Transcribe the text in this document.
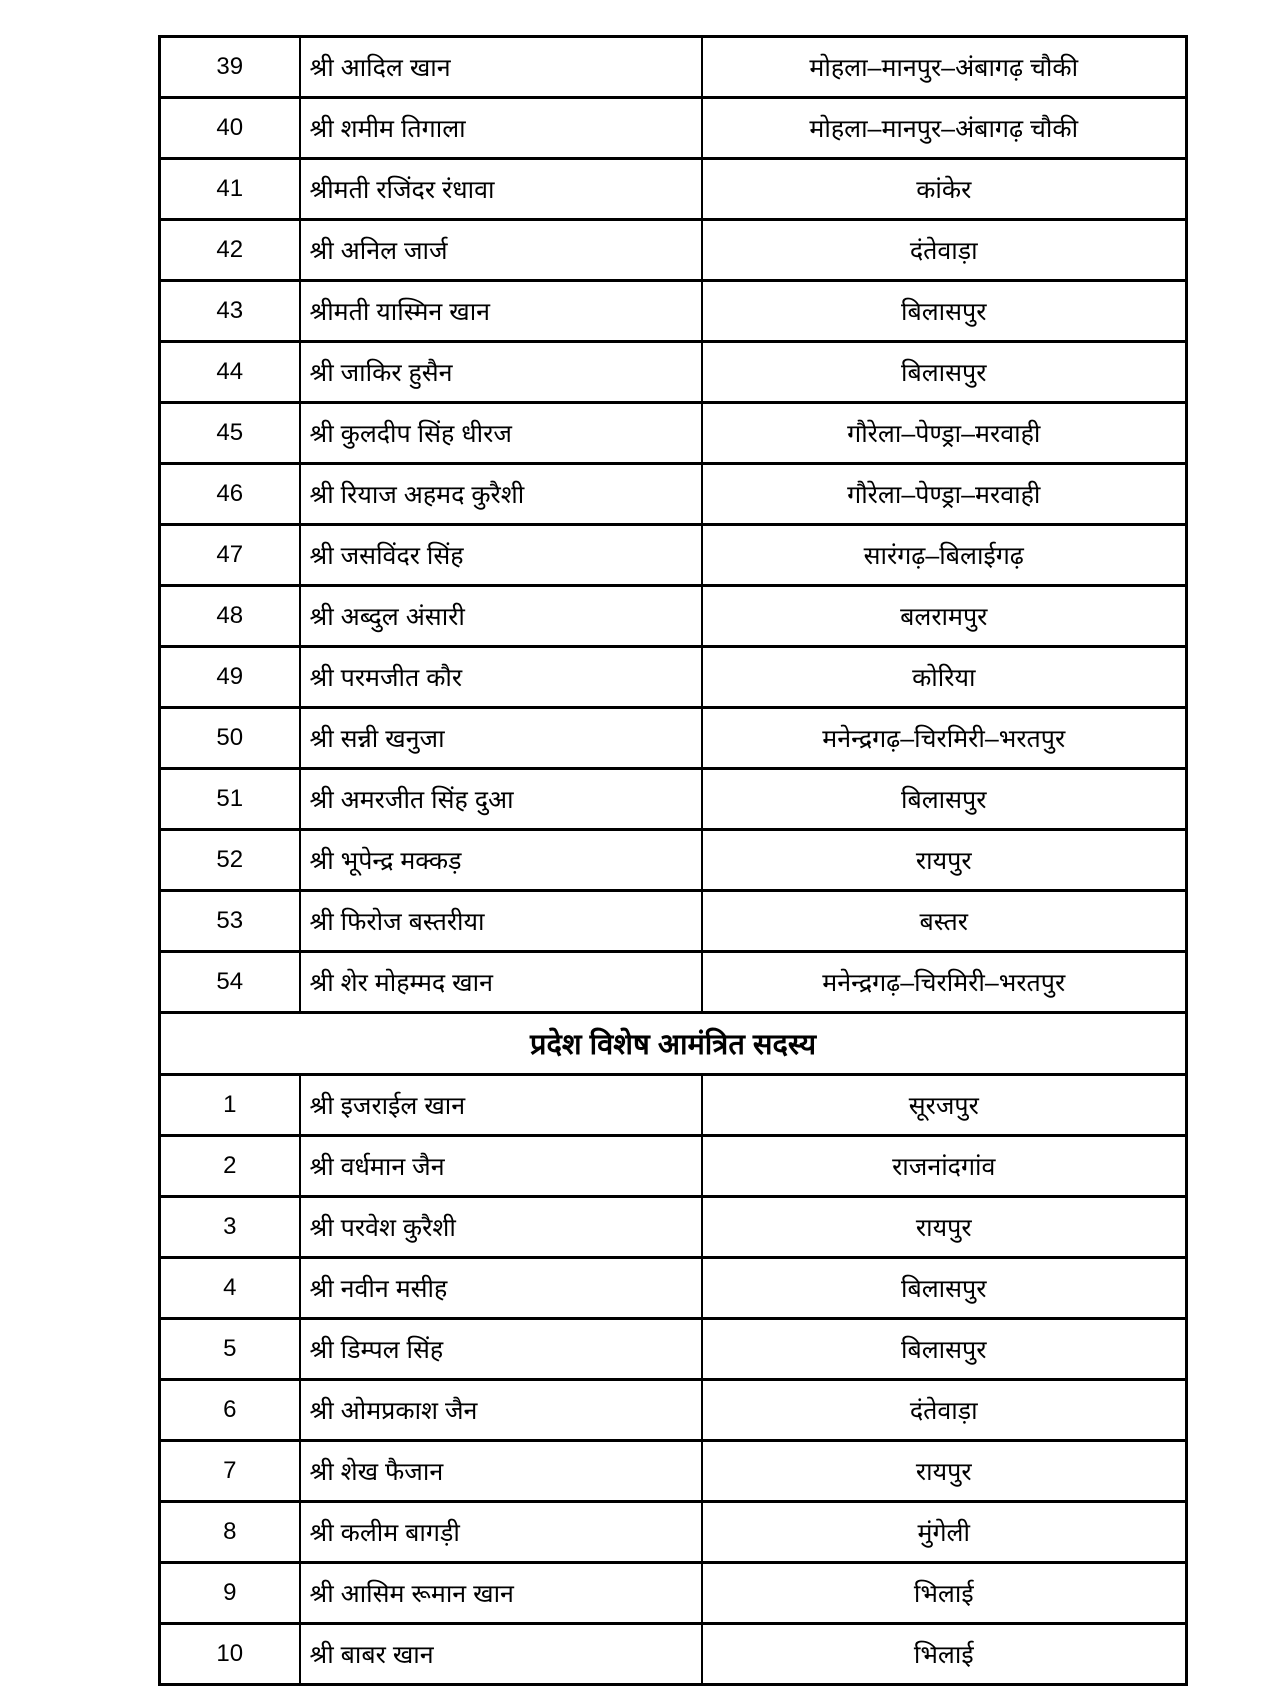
39	श्री आदिल खान	मोहला–मानपुर–अंबागढ़ चौकी
40	श्री शमीम तिगाला	मोहला–मानपुर–अंबागढ़ चौकी
41	श्रीमती रजिंदर रंधावा	कांकेर
42	श्री अनिल जार्ज	दंतेवाड़ा
43	श्रीमती यास्मिन खान	बिलासपुर
44	श्री जाकिर हुसैन	बिलासपुर
45	श्री कुलदीप सिंह धीरज	गौरेला–पेण्ड्रा–मरवाही
46	श्री रियाज अहमद कुरैशी	गौरेला–पेण्ड्रा–मरवाही
47	श्री जसविंदर सिंह	सारंगढ़–बिलाईगढ़
48	श्री अब्दुल अंसारी	बलरामपुर
49	श्री परमजीत कौर	कोरिया
50	श्री सन्नी खनुजा	मनेन्द्रगढ़–चिरमिरी–भरतपुर
51	श्री अमरजीत सिंह दुआ	बिलासपुर
52	श्री भूपेन्द्र मक्कड़	रायपुर
53	श्री फिरोज बस्तरीया	बस्तर
54	श्री शेर मोहम्मद खान	मनेन्द्रगढ़–चिरमिरी–भरतपुर
प्रदेश विशेष आमंत्रित सदस्य		
1	श्री इजराईल खान	सूरजपुर
2	श्री वर्धमान जैन	राजनांदगांव
3	श्री परवेश कुरैशी	रायपुर
4	श्री नवीन मसीह	बिलासपुर
5	श्री डिम्पल सिंह	बिलासपुर
6	श्री ओमप्रकाश जैन	दंतेवाड़ा
7	श्री शेख फैजान	रायपुर
8	श्री कलीम बागड़ी	मुंगेली
9	श्री आसिम रूमान खान	भिलाई
10	श्री बाबर खान	भिलाई
